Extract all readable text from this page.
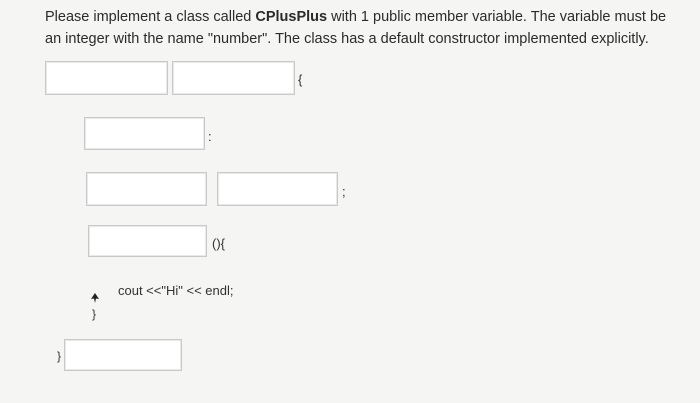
Please implement a class called CPlusPlus with 1 public member variable. The variable must be an integer with the name "number". The class has a default constructor implemented explicitly.
{
:
;
(){
cout <<"Hi" << endl;
}
}
